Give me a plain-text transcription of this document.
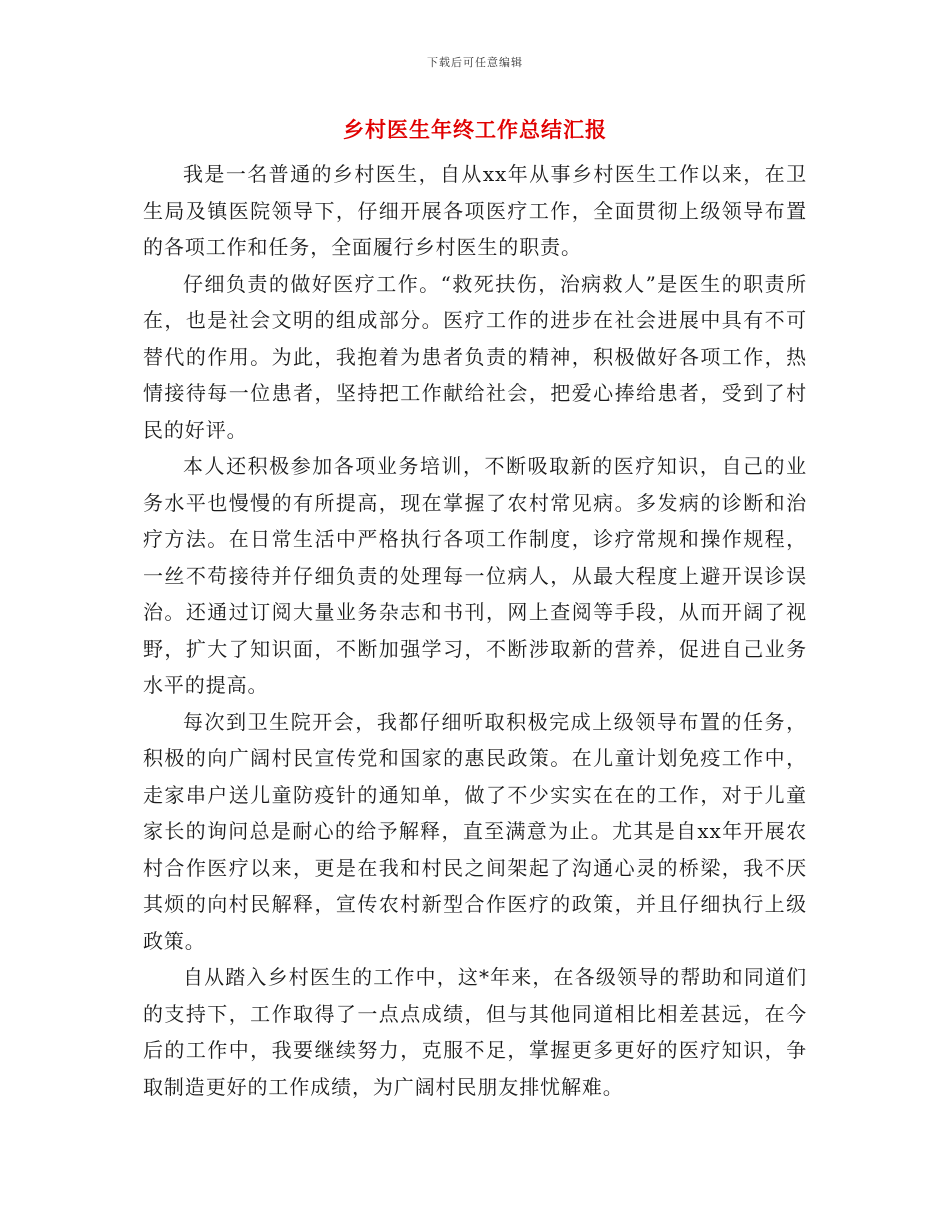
下载后可任意编辑
乡村医生年终工作总结汇报

我是一名普通的乡村医生，自从xx年从事乡村医生工作以来，在卫生局及镇医院领导下，仔细开展各项医疗工作，全面贯彻上级领导布置的各项工作和任务，全面履行乡村医生的职责。

仔细负责的做好医疗工作。“救死扶伤，治病救人”是医生的职责所在，也是社会文明的组成部分。医疗工作的进步在社会进展中具有不可替代的作用。为此，我抱着为患者负责的精神，积极做好各项工作，热情接待每一位患者，坚持把工作献给社会，把爱心捧给患者，受到了村民的好评。

本人还积极参加各项业务培训，不断吸取新的医疗知识，自己的业务水平也慢慢的有所提高，现在掌握了农村常见病。多发病的诊断和治疗方法。在日常生活中严格执行各项工作制度，诊疗常规和操作规程，一丝不苟接待并仔细负责的处理每一位病人，从最大程度上避开误诊误治。还通过订阅大量业务杂志和书刊，网上查阅等手段，从而开阔了视野，扩大了知识面，不断加强学习，不断涉取新的营养，促进自己业务水平的提高。

每次到卫生院开会，我都仔细听取积极完成上级领导布置的任务，积极的向广阔村民宣传党和国家的惠民政策。在儿童计划免疫工作中，走家串户送儿童防疫针的通知单，做了不少实实在在的工作，对于儿童家长的询问总是耐心的给予解释，直至满意为止。尤其是自xx年开展农村合作医疗以来，更是在我和村民之间架起了沟通心灵的桥梁，我不厌其烦的向村民解释，宣传农村新型合作医疗的政策，并且仔细执行上级政策。

自从踏入乡村医生的工作中，这*年来，在各级领导的帮助和同道们的支持下，工作取得了一点点成绩，但与其他同道相比相差甚远，在今后的工作中，我要继续努力，克服不足，掌握更多更好的医疗知识，争取制造更好的工作成绩，为广阔村民朋友排忧解难。
